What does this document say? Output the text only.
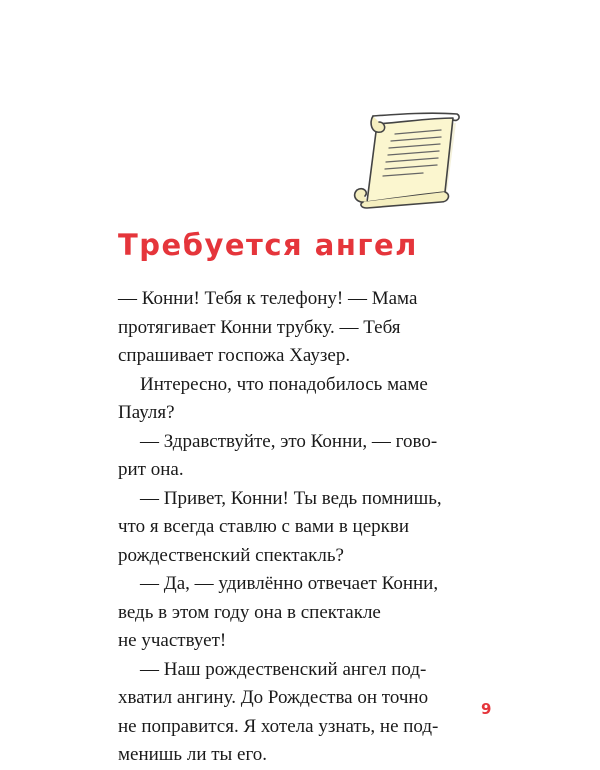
Требуется ангел

— Конни! Тебя к телефону! — Мама
протягивает Конни трубку. — Тебя
спрашивает госпожа Хаузер.

Интересно, что понадобилось маме
Пауля?

— Здравствуйте, это Конни, — гово-
рит она.

— Привет, Конни! Ты ведь помнишь,
что я всегда ставлю с вами в церкви
рождественский спектакль?

— Да, — удивлённо отвечает Конни,
ведь в этом году она в спектакле
не участвует!

— Наш рождественский ангел под-
хватил ангину. До Рождества он точно
не поправится. Я хотела узнать, не под-
менишь ли ты его.

9
